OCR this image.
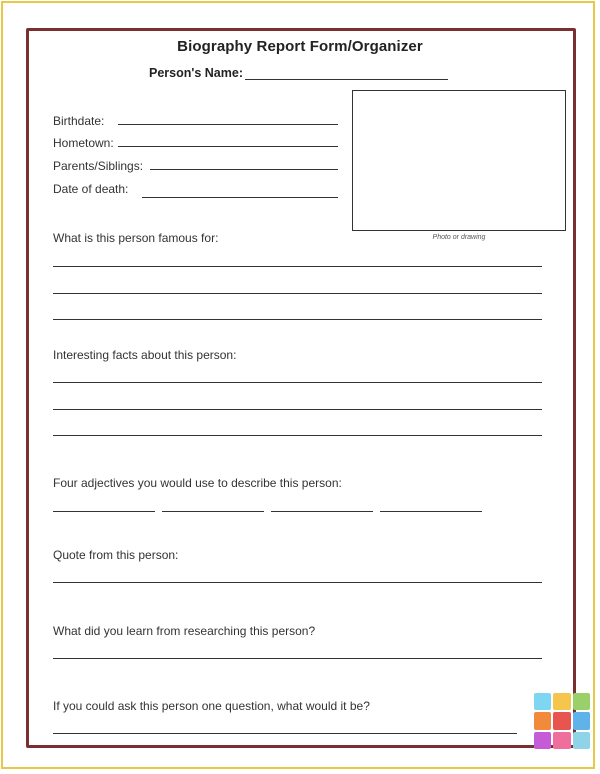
Biography Report Form/Organizer
Person's Name:
Birthdate:
Hometown:
Parents/Siblings:
Date of death:
Photo or drawing
What is this person famous for:
Interesting facts about this person:
Four adjectives you would use to describe this person:
Quote from this person:
What did you learn from researching this person?
If you could ask this person one question, what would it be?
